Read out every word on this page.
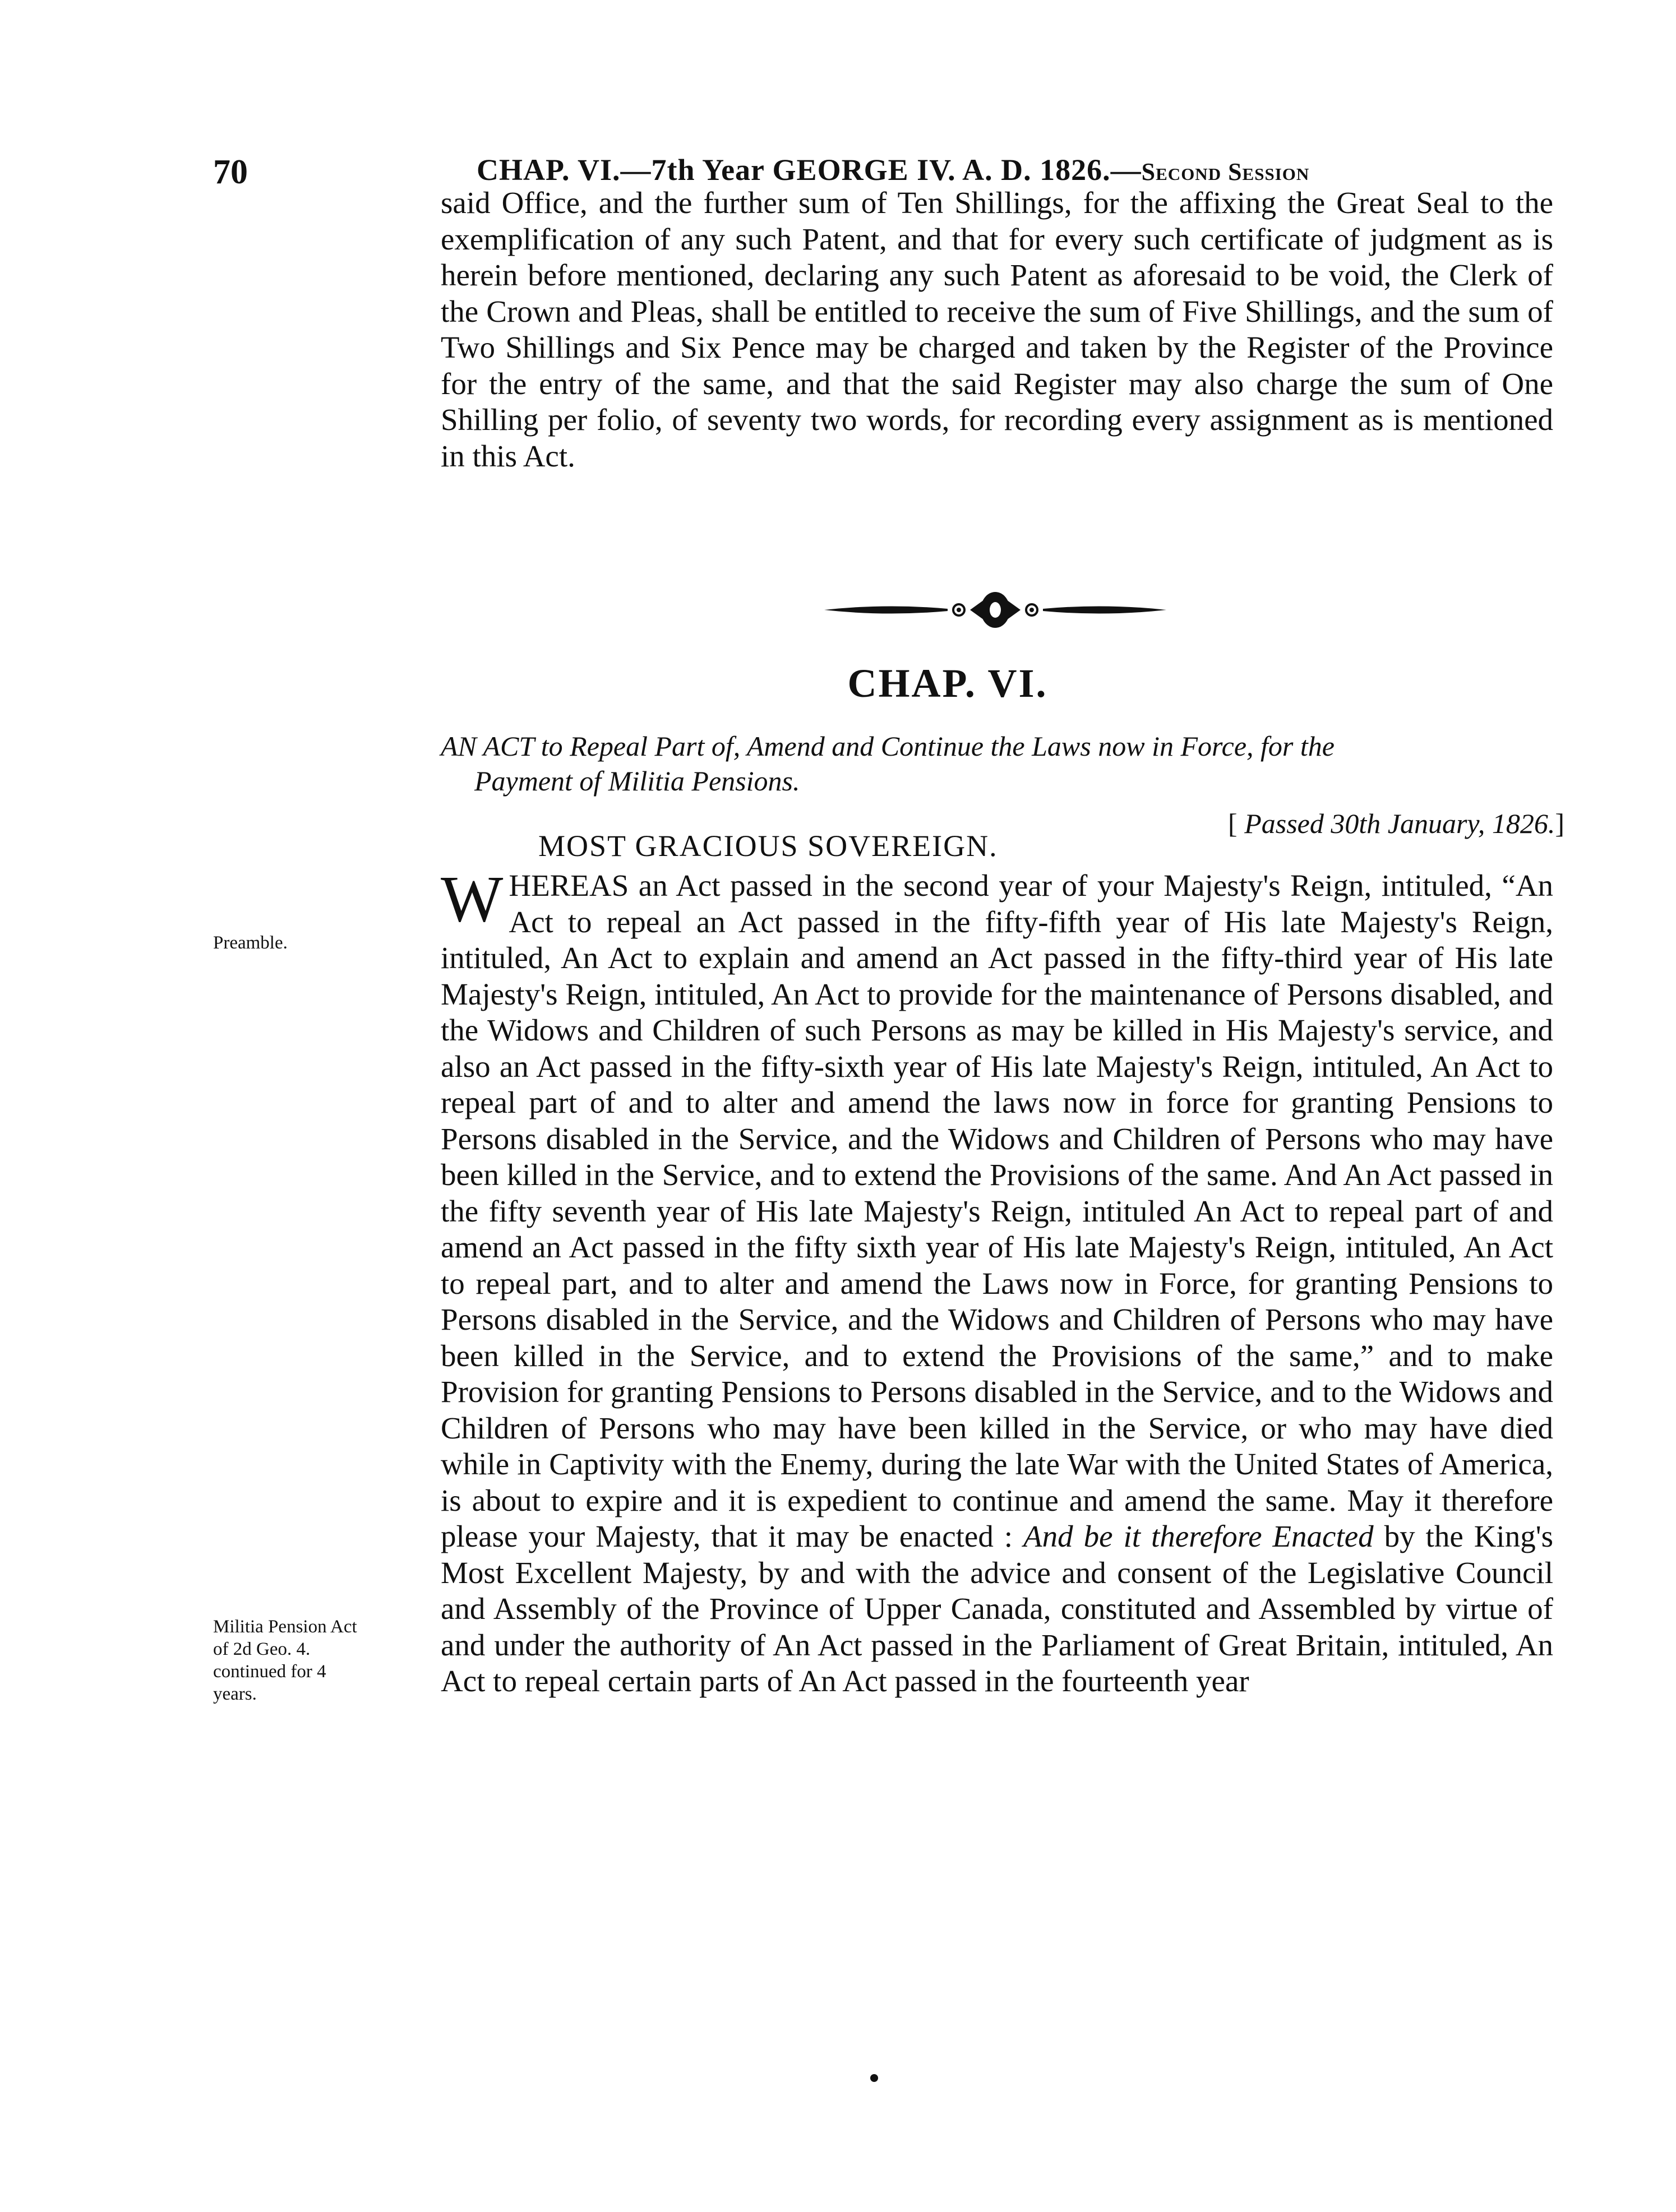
70	CHAP. VI.—7th Year GEORGE IV. A. D. 1826.—Second Session
said Office, and the further sum of Ten Shillings, for the affixing the Great Seal to the exemplification of any such Patent, and that for every such certificate of judgment as is herein before mentioned, declaring any such Patent as aforesaid to be void, the Clerk of the Crown and Pleas, shall be entitled to receive the sum of Five Shillings, and the sum of Two Shillings and Six Pence may be charged and taken by the Register of the Province for the entry of the same, and that the said Register may also charge the sum of One Shilling per folio, of seventy two words, for recording every assignment as is mentioned in this Act.
CHAP. VI.
AN ACT to Repeal Part of, Amend and Continue the Laws now in Force, for the
Payment of Militia Pensions.
[ Passed 30th January, 1826.]
MOST GRACIOUS SOVEREIGN.
WHEREAS an Act passed in the second year of your Majesty's Reign, intituled, “An Act to repeal an Act passed in the fifty-fifth year of His late Majesty's Reign, intituled, An Act to explain and amend an Act passed in the fifty-third year of His late Majesty's Reign, intituled, An Act to provide for the maintenance of Persons disabled, and the Widows and Children of such Persons as may be killed in His Majesty's service, and also an Act passed in the fifty-sixth year of His late Majesty's Reign, intituled, An Act to repeal part of and to alter and amend the laws now in force for granting Pensions to Persons disabled in the Service, and the Widows and Children of Persons who may have been killed in the Service, and to extend the Provisions of the same. And An Act passed in the fifty seventh year of His late Majesty's Reign, intituled An Act to repeal part of and amend an Act passed in the fifty sixth year of His late Majesty's Reign, intituled, An Act to repeal part, and to alter and amend the Laws now in Force, for granting Pensions to Persons disabled in the Service, and the Widows and Children of Persons who may have been killed in the Service, and to extend the Provisions of the same,” and to make Provision for granting Pensions to Persons disabled in the Service, and to the Widows and Children of Persons who may have been killed in the Service, or who may have died while in Captivity with the Enemy, during the late War with the United States of America, is about to expire and it is expedient to continue and amend the same. May it therefore please your Majesty, that it may be enacted : And be it therefore Enacted by the King's Most Excellent Majesty, by and with the advice and consent of the Legislative Council and Assembly of the Province of Upper Canada, constituted and Assembled by virtue of and under the authority of An Act passed in the Parliament of Great Britain, intituled, An Act to repeal certain parts of An Act passed in the fourteenth year
Preamble.
Militia Pension Act of 2d Geo. 4. continued for 4 years.
